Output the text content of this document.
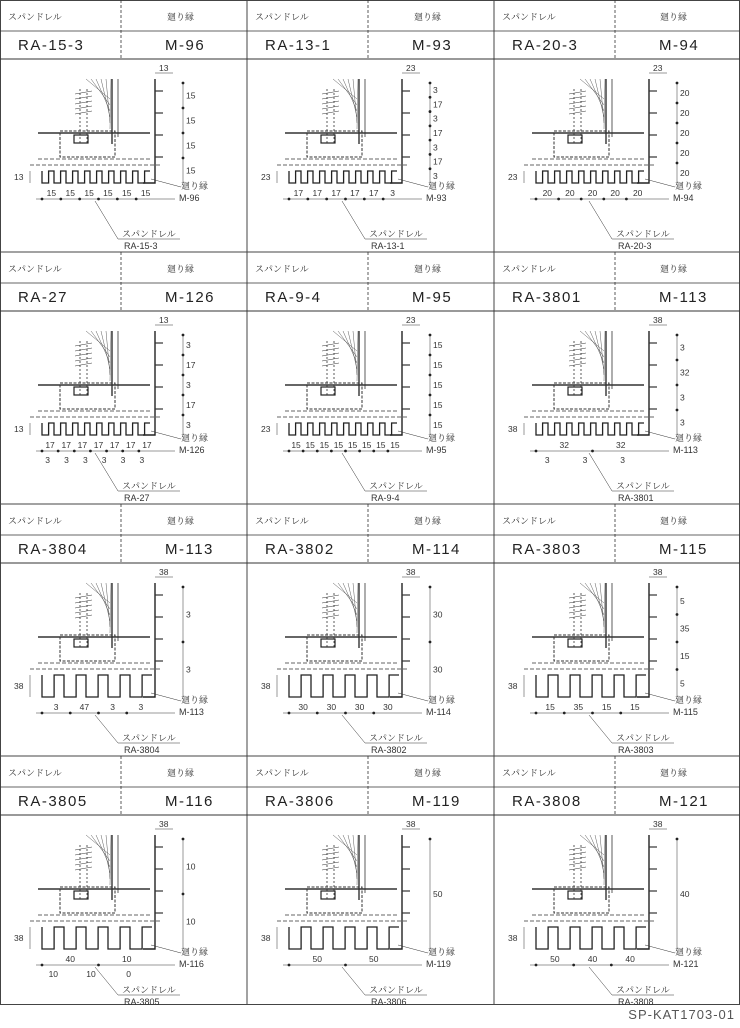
スパンドレル	廻り縁
RA-15-3	M-96
13
15
15
15
15
13
15 15 15 15 15 15
スパンドレル
RA-15-3
廻り縁
M-96
スパンドレル	廻り縁
RA-13-1	M-93
23
3
17
3
17
3
17
3
23
17 17 17 17 17 3
スパンドレル
RA-13-1
廻り縁
M-93
スパンドレル	廻り縁
RA-20-3	M-94
23
20
20
20
20
20
23
20 20 20 20 20
スパンドレル
RA-20-3
廻り縁
M-94
スパンドレル	廻り縁
RA-27	M-126
13
3
17
3
17
3
13
17 17 17 17 17 17 17
3 3 3 3 3 3
スパンドレル
RA-27
廻り縁
M-126
スパンドレル	廻り縁
RA-9-4	M-95
23
15
15
15
15
15
23
15 15 15 15 15 15 15 15
スパンドレル
RA-9-4
廻り縁
M-95
スパンドレル	廻り縁
RA-3801	M-113
38
3
32
3
3
38
32	32
3	3	3
スパンドレル
RA-3801
廻り縁
M-113
スパンドレル	廻り縁
RA-3804	M-113
38
3
3
38
3 47 3	3
スパンドレル
RA-3804
廻り縁
M-113
スパンドレル	廻り縁
RA-3802	M-114
38
30
30
38
30 30 30 30
スパンドレル
RA-3802
廻り縁
M-114
スパンドレル	廻り縁
RA-3803	M-115
38
5
35
15
5
38
15 35 15 15
スパンドレル
RA-3803
廻り縁
M-115
スパンドレル	廻り縁
RA-3805	M-116
38
10
10
38
40	10
10	10	0
スパンドレル
RA-3805
廻り縁
M-116
スパンドレル	廻り縁
RA-3806	M-119
38
50
38
50	50
スパンドレル
RA-3806
廻り縁
M-119
スパンドレル	廻り縁
RA-3808	M-121
38
40
38
50	40	40
スパンドレル
RA-3808
廻り縁
M-121
SP-KAT1703-01
